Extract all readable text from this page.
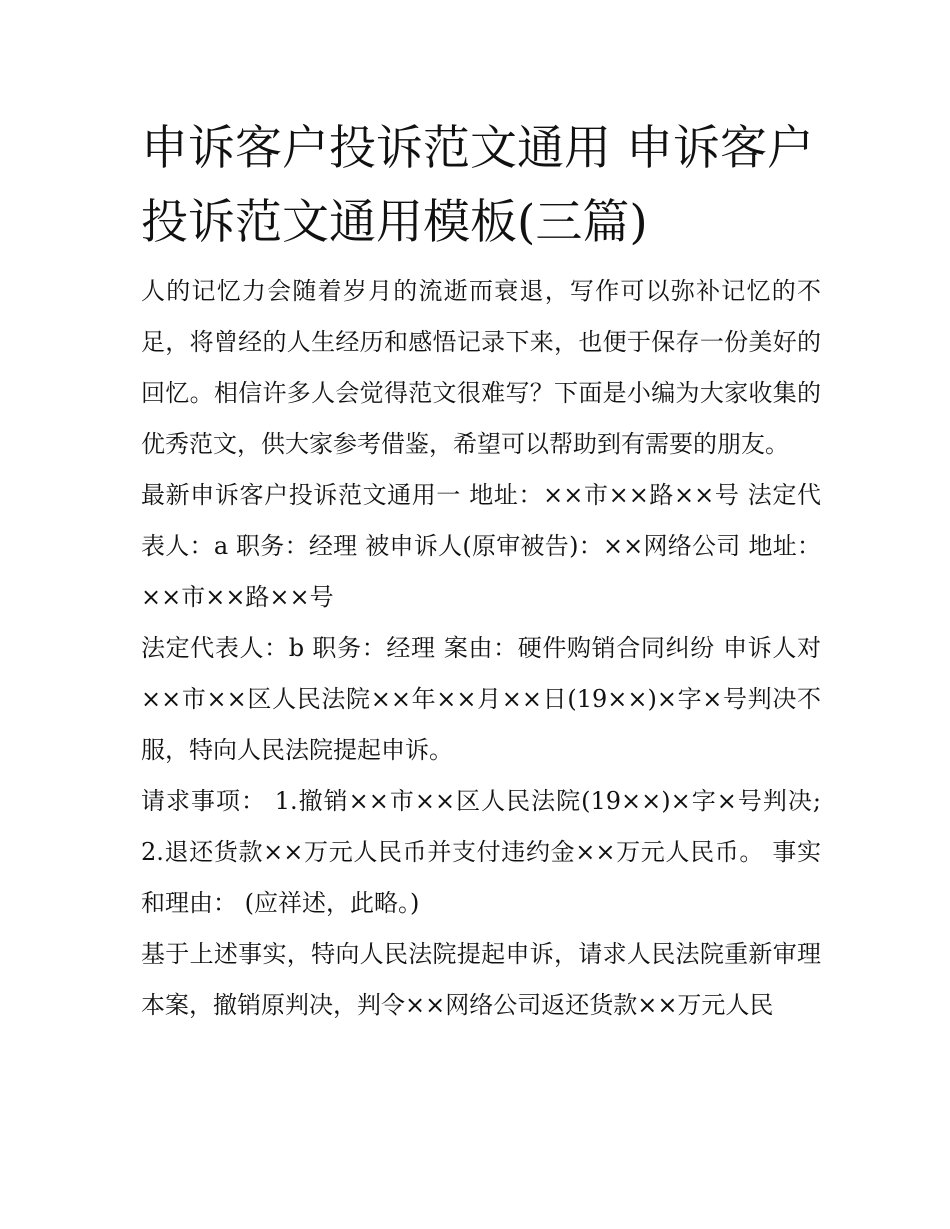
申诉客户投诉范文通用 申诉客户投诉范文通用模板(三篇)

人的记忆力会随着岁月的流逝而衰退，写作可以弥补记忆的不足，将曾经的人生经历和感悟记录下来，也便于保存一份美好的回忆。相信许多人会觉得范文很难写？下面是小编为大家收集的优秀范文，供大家参考借鉴，希望可以帮助到有需要的朋友。

最新申诉客户投诉范文通用一 地址：××市××路××号 法定代表人：a 职务：经理 被申诉人(原审被告)：××网络公司 地址：××市××路××号

法定代表人：b 职务：经理 案由：硬件购销合同纠纷 申诉人对××市××区人民法院××年××月××日(19××)×字×号判决不服，特向人民法院提起申诉。

请求事项： 1.撤销××市××区人民法院(19××)×字×号判决; 2.退还货款××万元人民币并支付违约金××万元人民币。 事实和理由： (应祥述，此略。)

基于上述事实，特向人民法院提起申诉，请求人民法院重新审理本案，撤销原判决，判令××网络公司返还货款××万元人民
